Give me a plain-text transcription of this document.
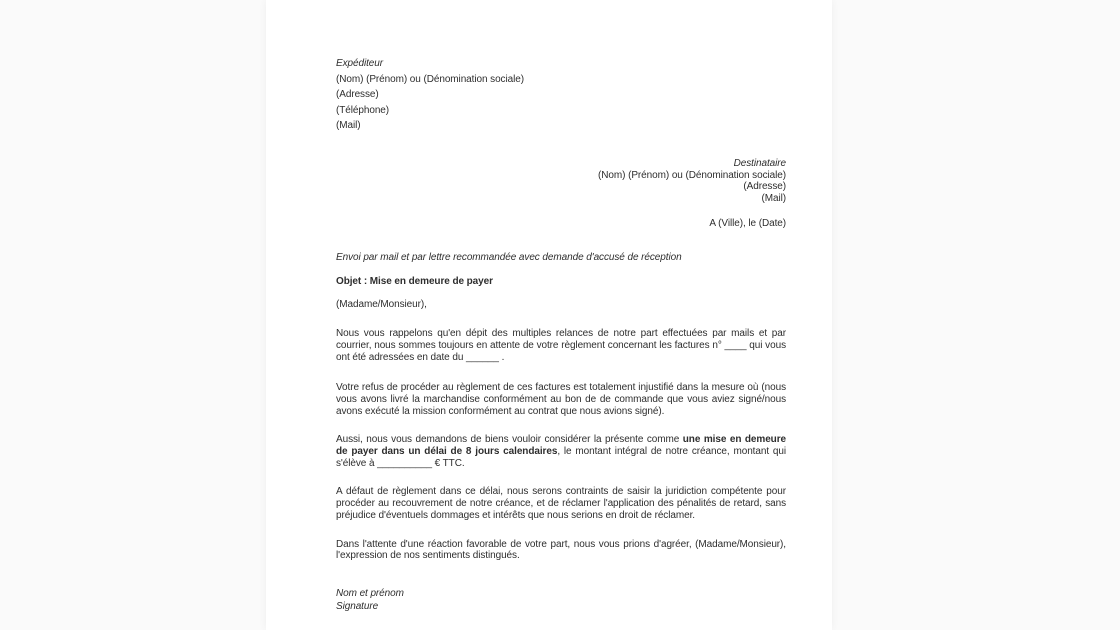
Expéditeur
(Nom) (Prénom) ou (Dénomination sociale)
(Adresse)
(Téléphone)
(Mail)
Destinataire
(Nom) (Prénom) ou (Dénomination sociale)
(Adresse)
(Mail)
A (Ville), le (Date)
Envoi par mail et par lettre recommandée avec demande d'accusé de réception
Objet : Mise en demeure de payer
(Madame/Monsieur),

Nous vous rappelons qu'en dépit des multiples relances de notre part effectuées par mails et par courrier, nous sommes toujours en attente de votre règlement concernant les factures n° ____ qui vous ont été adressées en date du ______ .

Votre refus de procéder au règlement de ces factures est totalement injustifié dans la mesure où (nous vous avons livré la marchandise conformément au bon de de commande que vous aviez signé/nous avons exécuté la mission conformément au contrat que nous avions signé).

Aussi, nous vous demandons de biens vouloir considérer la présente comme une mise en demeure de payer dans un délai de 8 jours calendaires, le montant intégral de notre créance, montant qui s'élève à __________ € TTC.

A défaut de règlement dans ce délai, nous serons contraints de saisir la juridiction compétente pour procéder au recouvrement de notre créance, et de réclamer l'application des pénalités de retard, sans préjudice d'éventuels dommages et intérêts que nous serions en droit de réclamer.

Dans l'attente d'une réaction favorable de votre part, nous vous prions d'agréer, (Madame/Monsieur), l'expression de nos sentiments distingués.

Nom et prénom
Signature
